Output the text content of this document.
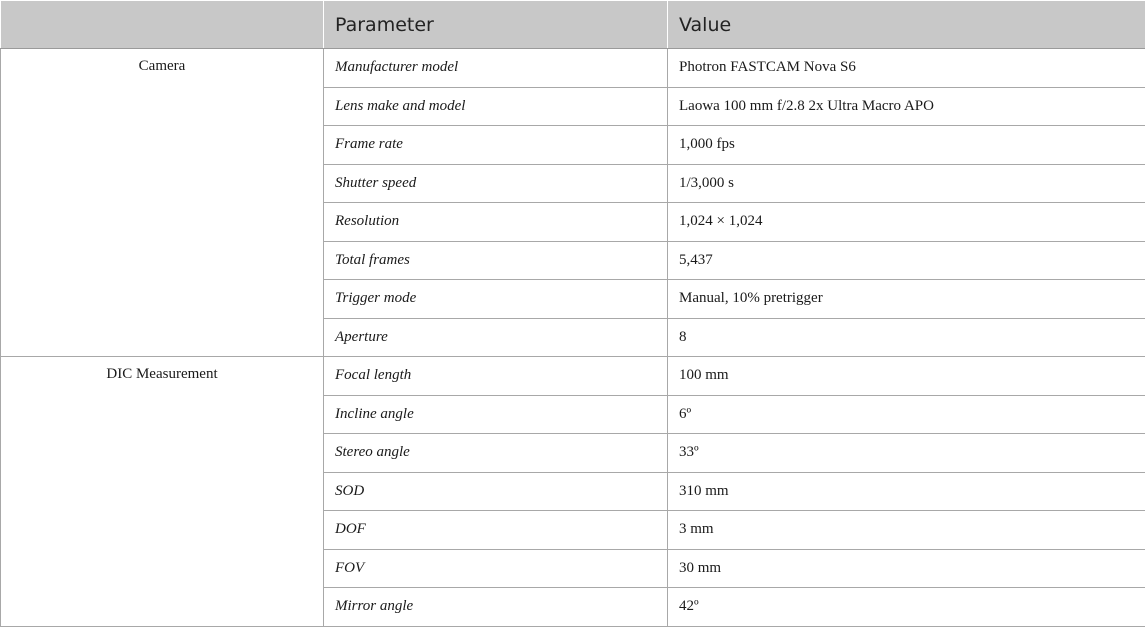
	Parameter	Value
Camera	Manufacturer model	Photron FASTCAM Nova S6
	Lens make and model	Laowa 100 mm f/2.8 2x Ultra Macro APO
	Frame rate	1,000 fps
	Shutter speed	1/3,000 s
	Resolution	1,024 × 1,024
	Total frames	5,437
	Trigger mode	Manual, 10% pretrigger
	Aperture	8
DIC Measurement	Focal length	100 mm
	Incline angle	6º
	Stereo angle	33º
	SOD	310 mm
	DOF	3 mm
	FOV	30 mm
	Mirror angle	42º
